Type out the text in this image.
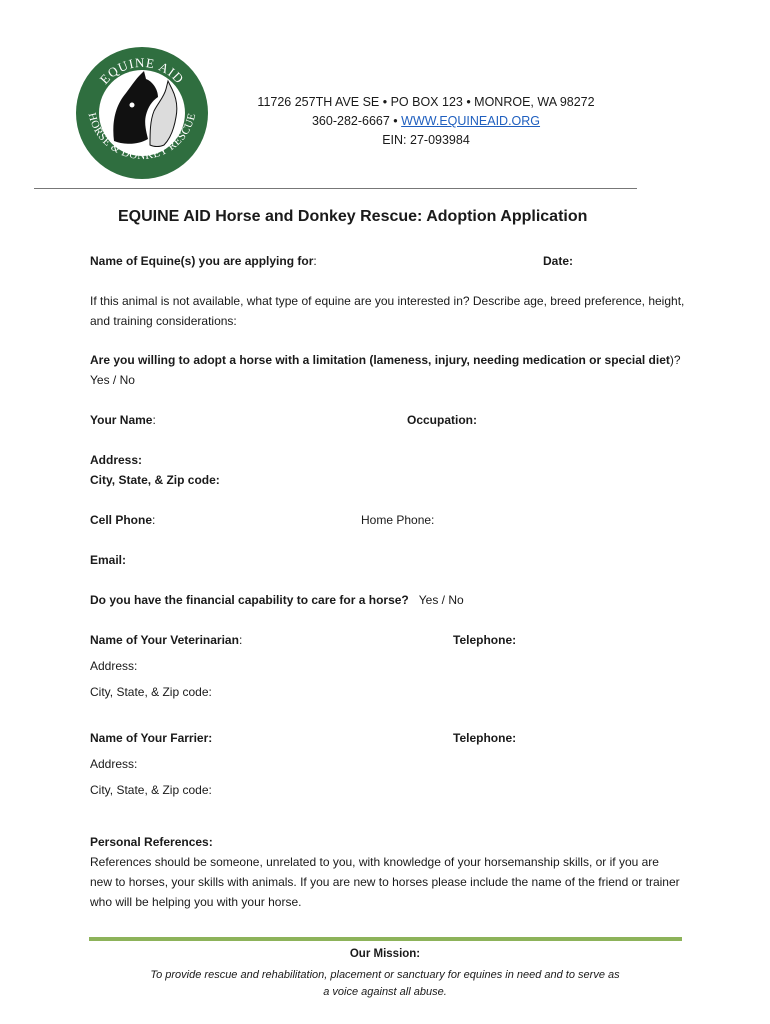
EQUINE AID
HORSE & DONKEY RESCUE
11726 257TH AVE SE • PO BOX 123 • MONROE, WA 98272
360-282-6667 • WWW.EQUINEAID.ORG
EIN: 27-093984
EQUINE AID Horse and Donkey Rescue: Adoption Application
Name of Equine(s) you are applying for:	Date:
If this animal is not available, what type of equine are you interested in? Describe age, breed preference, height, and training considerations:
Are you willing to adopt a horse with a limitation (lameness, injury, needing medication or special diet)? Yes / No
Your Name:	Occupation:
Address:
City, State, & Zip code:
Cell Phone:	Home Phone:
Email:
Do you have the financial capability to care for a horse? Yes / No
Name of Your Veterinarian:	Telephone:
Address:
City, State, & Zip code:
Name of Your Farrier:	Telephone:
Address:
City, State, & Zip code:
Personal References:
References should be someone, unrelated to you, with knowledge of your horsemanship skills, or if you are new to horses, your skills with animals. If you are new to horses please include the name of the friend or trainer who will be helping you with your horse.
Our Mission:
To provide rescue and rehabilitation, placement or sanctuary for equines in need and to serve as a voice against all abuse.
